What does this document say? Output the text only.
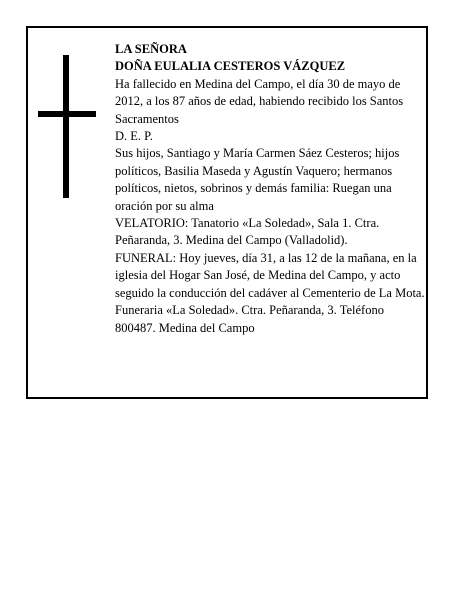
LA SEÑORA

DOÑA EULALIA CESTEROS VÁZQUEZ

Ha fallecido en Medina del Campo, el día 30 de mayo de 2012, a los 87 años de edad, habiendo recibido los Santos Sacramentos

D. E. P.

Sus hijos, Santiago y María Carmen Sáez Cesteros; hijos políticos, Basilia Maseda y Agustín Vaquero; hermanos políticos, nietos, sobrinos y demás familia: Ruegan una oración por su alma

VELATORIO: Tanatorio «La Soledad», Sala 1. Ctra. Peñaranda, 3. Medina del Campo (Valladolid).

FUNERAL: Hoy jueves, día 31, a las 12 de la mañana, en la iglesia del Hogar San José, de Medina del Campo, y acto seguido la conducción del cadáver al Cementerio de La Mota.

Funeraria «La Soledad». Ctra. Peñaranda, 3. Teléfono 800487. Medina del Campo
